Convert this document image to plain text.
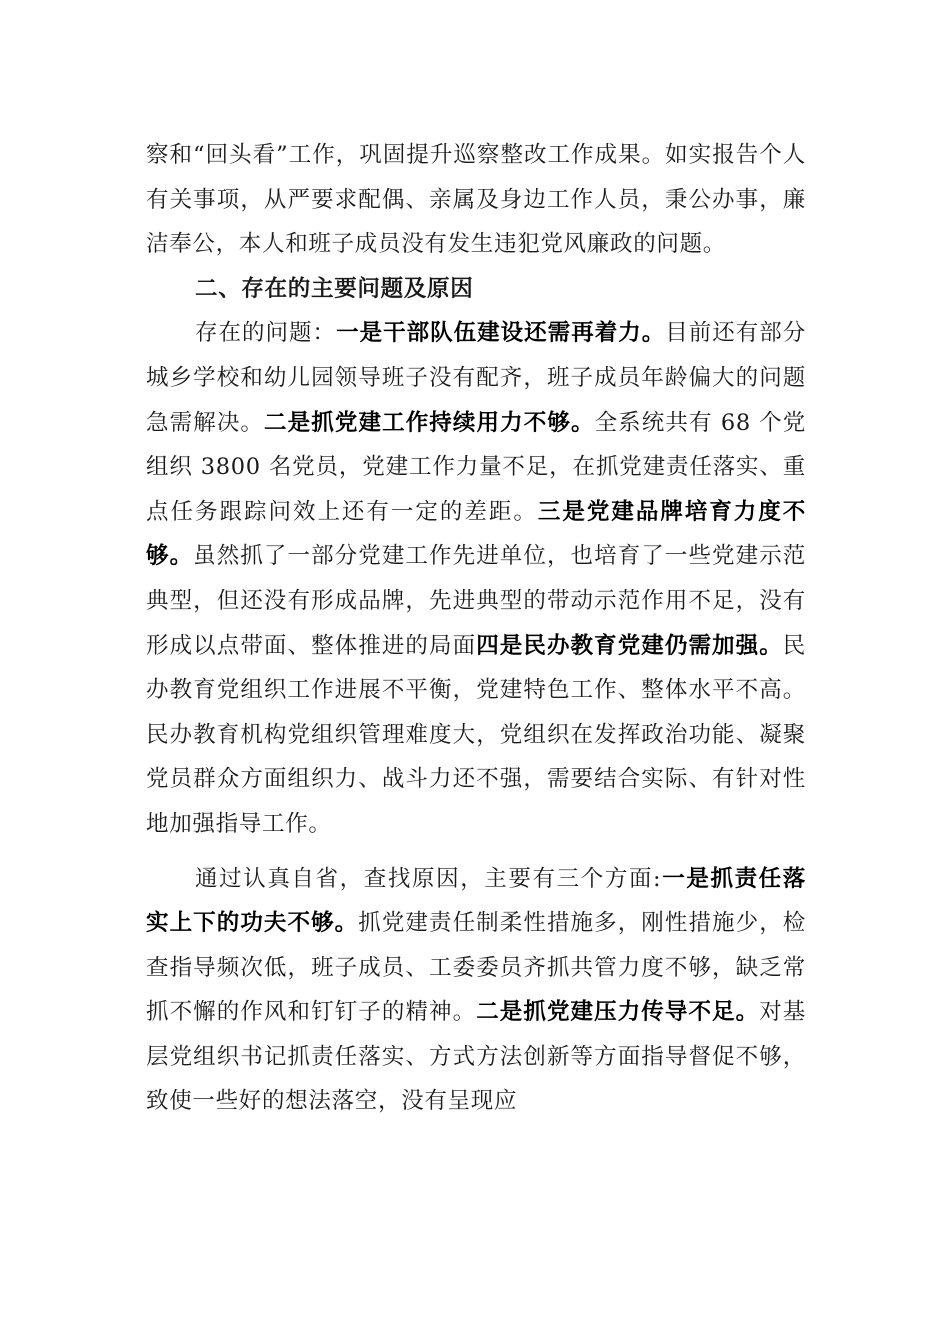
察和“回头看”工作，巩固提升巡察整改工作成果。如实报告个人有关事项，从严要求配偶、亲属及身边工作人员，秉公办事，廉洁奉公，本人和班子成员没有发生违犯党风廉政的问题。

二、存在的主要问题及原因

存在的问题：一是干部队伍建设还需再着力。目前还有部分城乡学校和幼儿园领导班子没有配齐，班子成员年龄偏大的问题急需解决。二是抓党建工作持续用力不够。全系统共有 68 个党组织 3800 名党员，党建工作力量不足，在抓党建责任落实、重点任务跟踪问效上还有一定的差距。三是党建品牌培育力度不够。虽然抓了一部分党建工作先进单位，也培育了一些党建示范典型，但还没有形成品牌，先进典型的带动示范作用不足，没有形成以点带面、整体推进的局面四是民办教育党建仍需加强。民办教育党组织工作进展不平衡，党建特色工作、整体水平不高。民办教育机构党组织管理难度大，党组织在发挥政治功能、凝聚党员群众方面组织力、战斗力还不强，需要结合实际、有针对性地加强指导工作。

通过认真自省，查找原因，主要有三个方面:一是抓责任落实上下的功夫不够。抓党建责任制柔性措施多，刚性措施少，检查指导频次低，班子成员、工委委员齐抓共管力度不够，缺乏常抓不懈的作风和钉钉子的精神。二是抓党建压力传导不足。对基层党组织书记抓责任落实、方式方法创新等方面指导督促不够，致使一些好的想法落空，没有呈现应
